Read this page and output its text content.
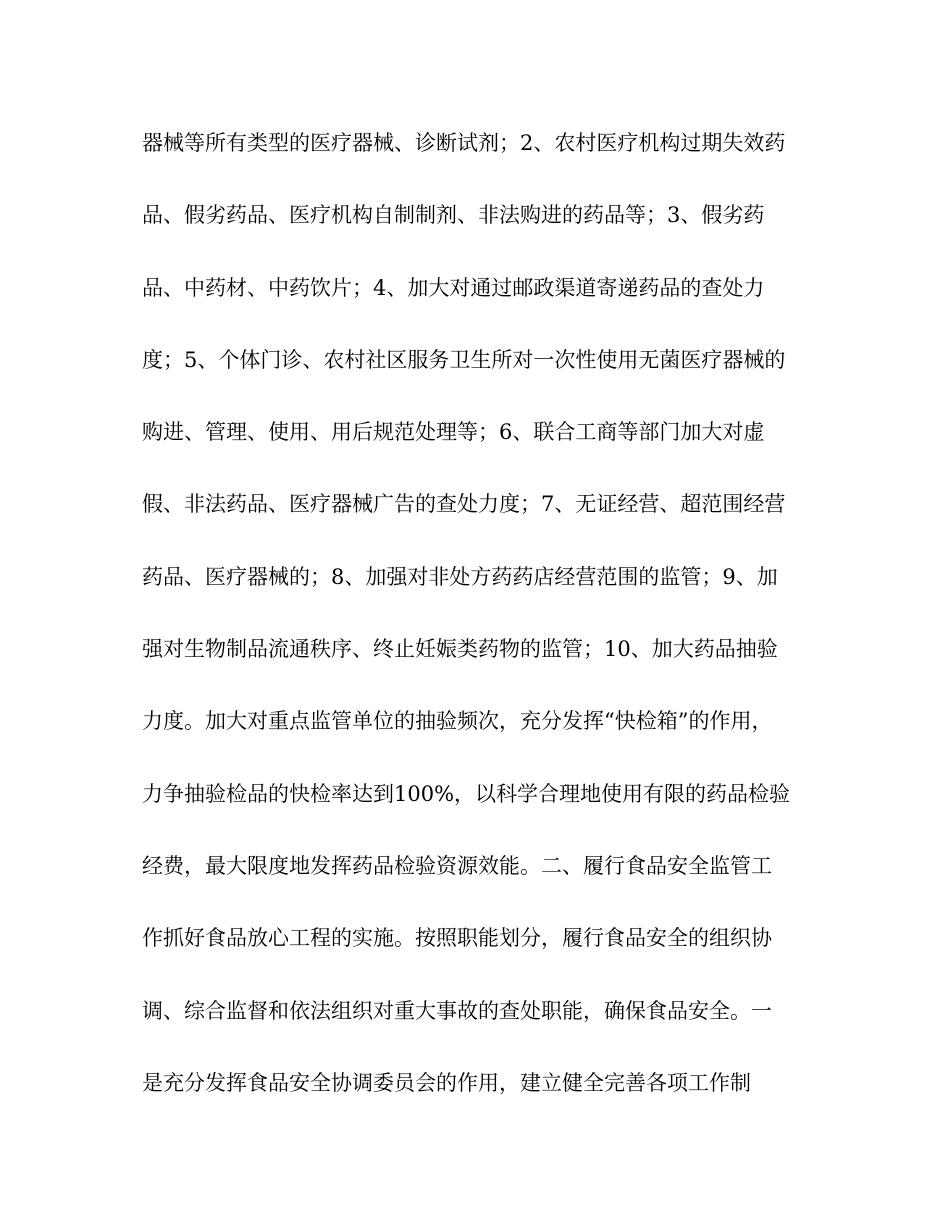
器械等所有类型的医疗器械、诊断试剂；2、农村医疗机构过期失效药
品、假劣药品、医疗机构自制制剂、非法购进的药品等；3、假劣药
品、中药材、中药饮片；4、加大对通过邮政渠道寄递药品的查处力
度；5、个体门诊、农村社区服务卫生所对一次性使用无菌医疗器械的
购进、管理、使用、用后规范处理等；6、联合工商等部门加大对虚
假、非法药品、医疗器械广告的查处力度；7、无证经营、超范围经营
药品、医疗器械的；8、加强对非处方药药店经营范围的监管；9、加
强对生物制品流通秩序、终止妊娠类药物的监管；10、加大药品抽验
力度。加大对重点监管单位的抽验频次，充分发挥“快检箱”的作用，
力争抽验检品的快检率达到100%，以科学合理地使用有限的药品检验
经费，最大限度地发挥药品检验资源效能。二、履行食品安全监管工
作抓好食品放心工程的实施。按照职能划分，履行食品安全的组织协
调、综合监督和依法组织对重大事故的查处职能，确保食品安全。一
是充分发挥食品安全协调委员会的作用，建立健全完善各项工作制
